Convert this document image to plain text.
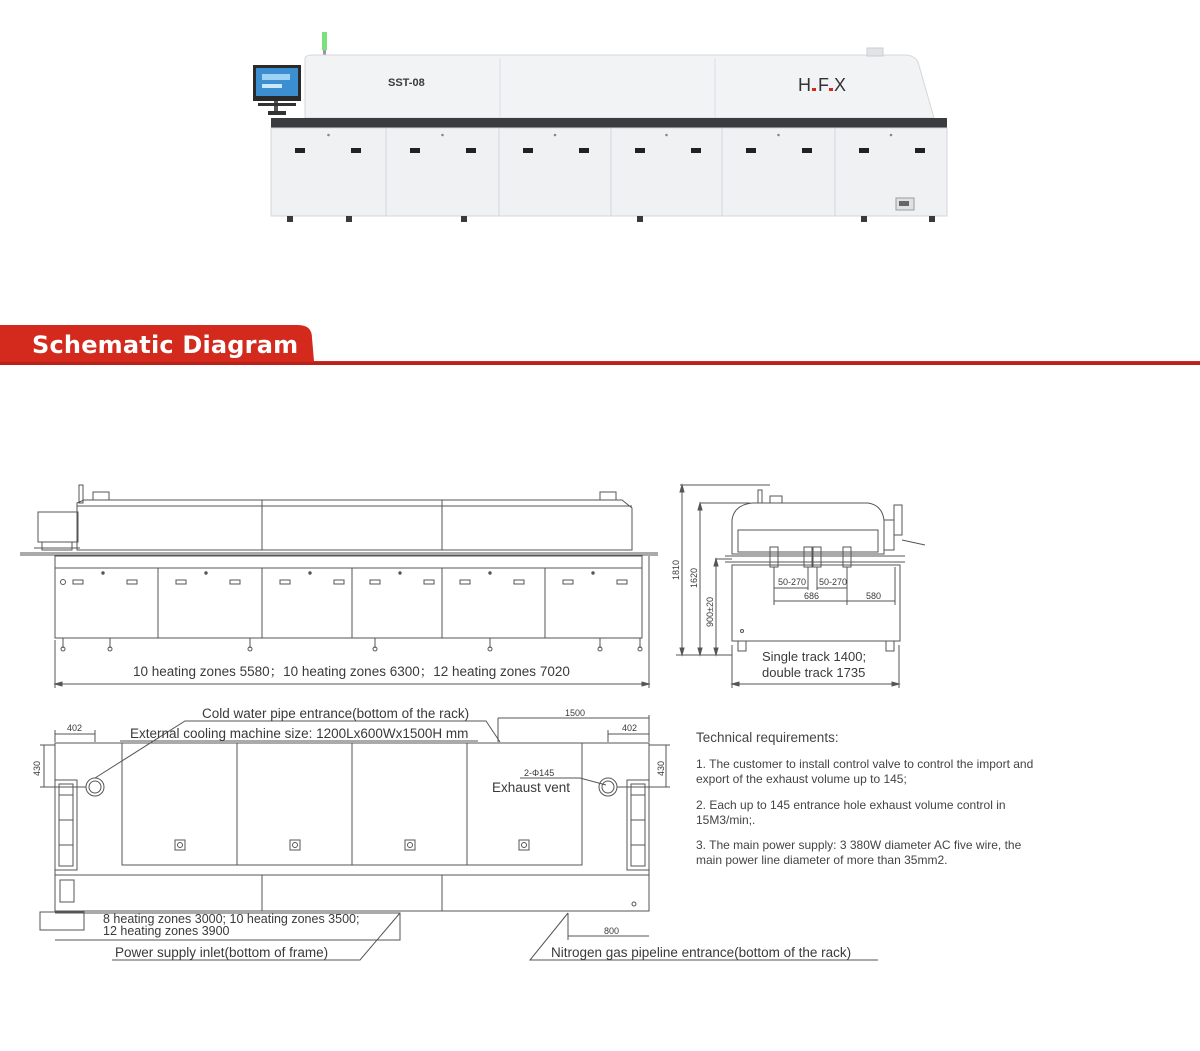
SST-08	H F X
Schematic Diagram
10 heating zones 5580；10 heating zones 6300；12 heating zones 7020
1810 1620
900±20
50-270 50-270
686	580
Single track 1400;
double track 1735
402	402
1500
430	430
800
Cold water pipe entrance(bottom of the rack)
External cooling machine size: 1200Lx600Wx1500H mm
2-Φ145
Exhaust vent
8 heating zones 3000; 10 heating zones 3500;
12 heating zones 3900
Power supply inlet(bottom of frame)	Nitrogen gas pipeline entrance(bottom of the rack)
Technical requirements:
1. The customer to install control valve to control the import and export of the exhaust volume up to 145;
2. Each up to 145 entrance hole exhaust volume control in 15M3/min;.
3. The main power supply: 3 380W diameter AC five wire, the main power line diameter of more than 35mm2.
